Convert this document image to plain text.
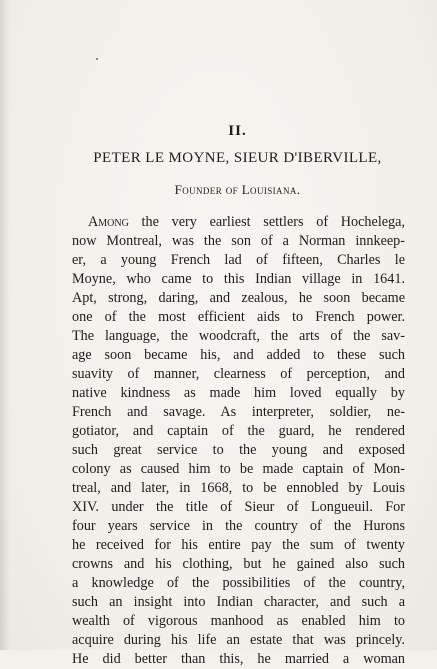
II.
PETER LE MOYNE, SIEUR D'IBERVILLE,
Founder of Louisiana.
Among the very earliest settlers of Hochelega,
now Montreal, was the son of a Norman innkeep-
er, a young French lad of fifteen, Charles le
Moyne, who came to this Indian village in 1641.
Apt, strong, daring, and zealous, he soon became
one of the most efficient aids to French power.
The language, the woodcraft, the arts of the sav-
age soon became his, and added to these such
suavity of manner, clearness of perception, and
native kindness as made him loved equally by
French and savage. As interpreter, soldier, ne-
gotiator, and captain of the guard, he rendered
such great service to the young and exposed
colony as caused him to be made captain of Mon-
treal, and later, in 1668, to be ennobled by Louis
XIV. under the title of Sieur of Longueuil. For
four years service in the country of the Hurons
he received for his entire pay the sum of twenty
crowns and his clothing, but he gained also such
a knowledge of the possibilities of the country,
such an insight into Indian character, and such a
wealth of vigorous manhood as enabled him to
acquire during his life an estate that was princely.
He did better than this, he married a woman
